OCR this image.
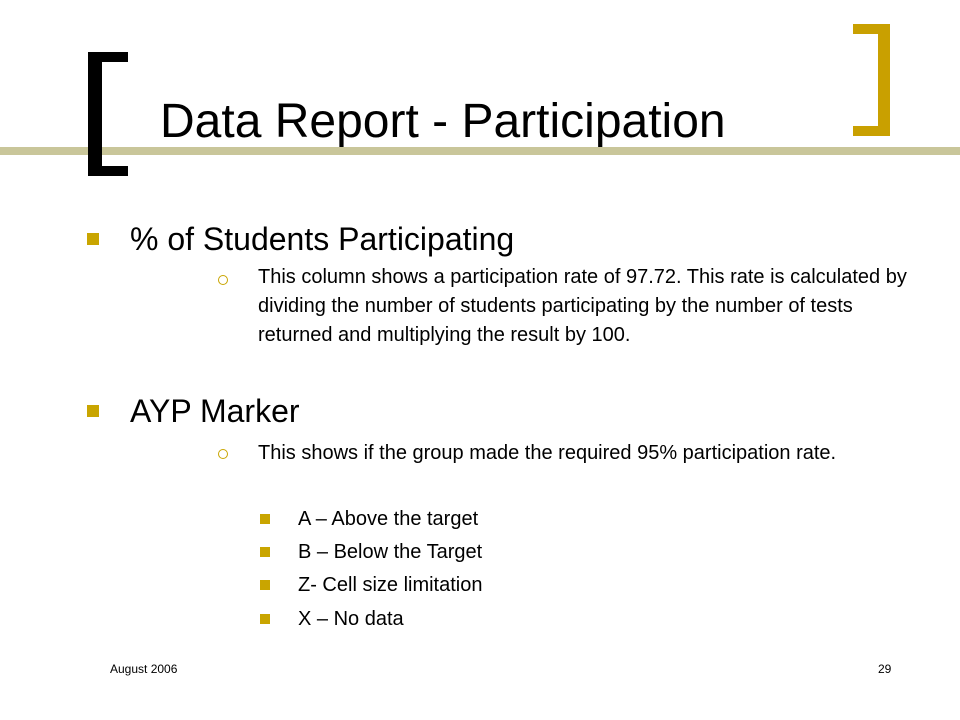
Data Report - Participation
% of Students Participating
This column shows a participation rate of 97.72. This rate is calculated by dividing the number of students participating by the number of tests returned and multiplying the result by 100.
AYP Marker
This shows if the group made the required 95% participation rate.
A – Above the target
B – Below the Target
Z- Cell size limitation
X – No data
August 2006	29
